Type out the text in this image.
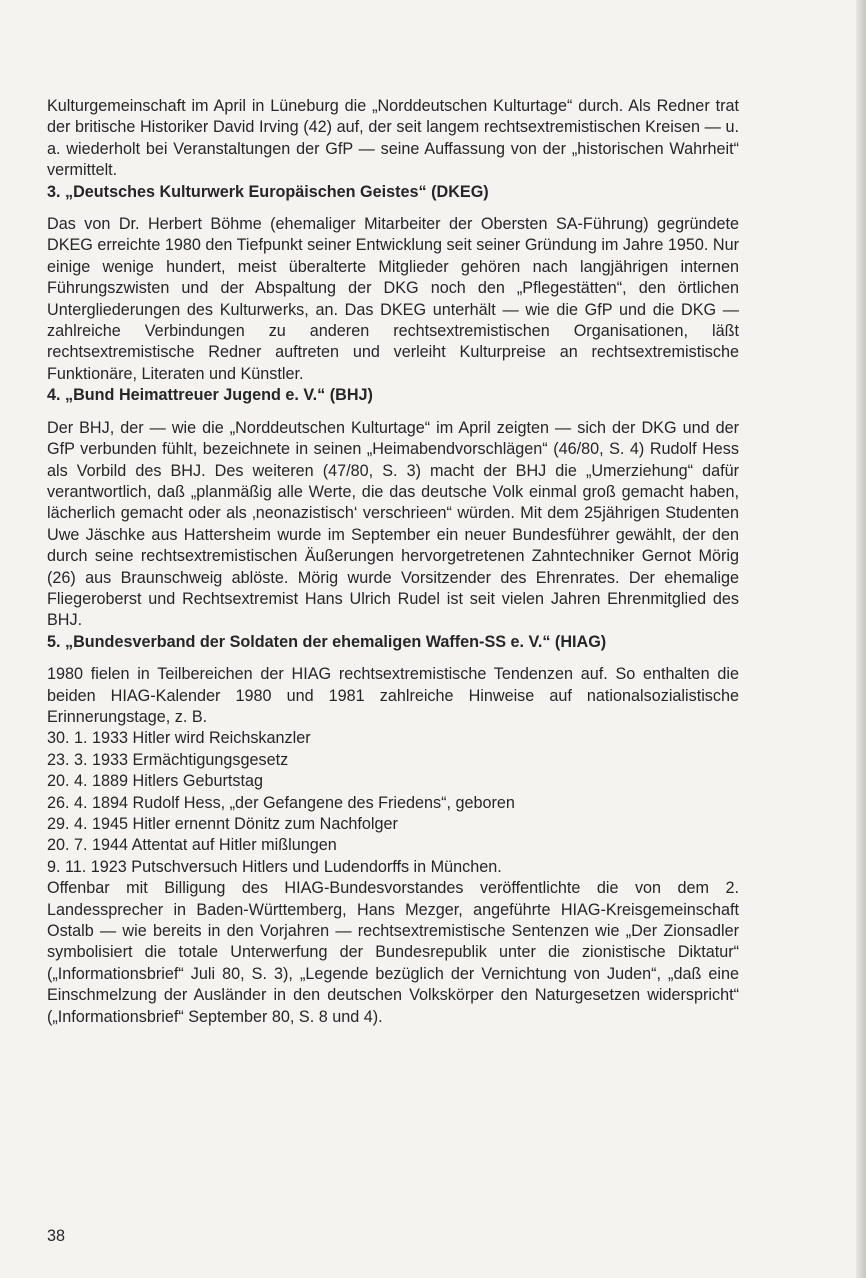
Kulturgemeinschaft im April in Lüneburg die „Norddeutschen Kulturtage“ durch. Als Redner trat der britische Historiker David Irving (42) auf, der seit langem rechtsextremistischen Kreisen — u. a. wiederholt bei Veranstaltungen der GfP — seine Auffassung von der „historischen Wahrheit“ vermittelt.

3. „Deutsches Kulturwerk Europäischen Geistes“ (DKEG)

Das von Dr. Herbert Böhme (ehemaliger Mitarbeiter der Obersten SA-Führung) gegründete DKEG erreichte 1980 den Tiefpunkt seiner Entwicklung seit seiner Gründung im Jahre 1950. Nur einige wenige hundert, meist überalterte Mitglieder gehören nach langjährigen internen Führungszwisten und der Abspaltung der DKG noch den „Pflegestätten“, den örtlichen Untergliederungen des Kulturwerks, an. Das DKEG unterhält — wie die GfP und die DKG — zahlreiche Verbindungen zu anderen rechtsextremistischen Organisationen, läßt rechtsextremistische Redner auftreten und verleiht Kulturpreise an rechtsextremistische Funktionäre, Literaten und Künstler.

4. „Bund Heimattreuer Jugend e. V.“ (BHJ)

Der BHJ, der — wie die „Norddeutschen Kulturtage“ im April zeigten — sich der DKG und der GfP verbunden fühlt, bezeichnete in seinen „Heimabendvorschlägen“ (46/80, S. 4) Rudolf Hess als Vorbild des BHJ. Des weiteren (47/80, S. 3) macht der BHJ die „Umerziehung“ dafür verantwortlich, daß „planmäßig alle Werte, die das deutsche Volk einmal groß gemacht haben, lächerlich gemacht oder als ‚neonazistisch‘ verschrieen“ würden. Mit dem 25jährigen Studenten Uwe Jäschke aus Hattersheim wurde im September ein neuer Bundesführer gewählt, der den durch seine rechtsextremistischen Äußerungen hervorgetretenen Zahntechniker Gernot Mörig (26) aus Braunschweig ablöste. Mörig wurde Vorsitzender des Ehrenrates. Der ehemalige Fliegeroberst und Rechtsextremist Hans Ulrich Rudel ist seit vielen Jahren Ehrenmitglied des BHJ.

5. „Bundesverband der Soldaten der ehemaligen Waffen-SS e. V.“ (HIAG)

1980 fielen in Teilbereichen der HIAG rechtsextremistische Tendenzen auf. So enthalten die beiden HIAG-Kalender 1980 und 1981 zahlreiche Hinweise auf nationalsozialistische Erinnerungstage, z. B.

30. 1. 1933 Hitler wird Reichskanzler
23. 3. 1933 Ermächtigungsgesetz
20. 4. 1889 Hitlers Geburtstag
26. 4. 1894 Rudolf Hess, „der Gefangene des Friedens“, geboren
29. 4. 1945 Hitler ernennt Dönitz zum Nachfolger
20. 7. 1944 Attentat auf Hitler mißlungen
9. 11. 1923 Putschversuch Hitlers und Ludendorffs in München.

Offenbar mit Billigung des HIAG-Bundesvorstandes veröffentlichte die von dem 2. Landessprecher in Baden-Württemberg, Hans Mezger, angeführte HIAG-Kreisgemeinschaft Ostalb — wie bereits in den Vorjahren — rechtsextremistische Sentenzen wie „Der Zionsadler symbolisiert die totale Unterwerfung der Bundesrepublik unter die zionistische Diktatur“ („Informationsbrief“ Juli 80, S. 3), „Legende bezüglich der Vernichtung von Juden“, „daß eine Einschmelzung der Ausländer in den deutschen Volkskörper den Naturgesetzen widerspricht“ („Informationsbrief“ September 80, S. 8 und 4).

38
